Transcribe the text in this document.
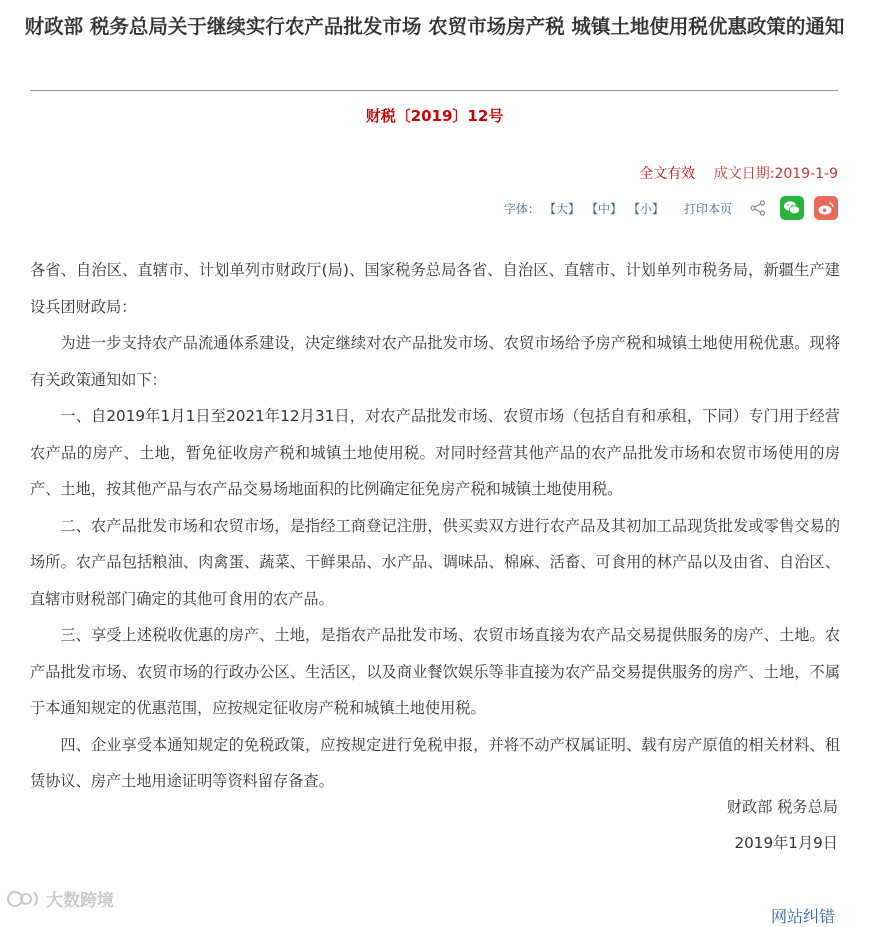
财政部 税务总局关于继续实行农产品批发市场 农贸市场房产税 城镇土地使用税优惠政策的通知
财税〔2019〕12号
全文有效 成文日期:2019-1-9
字体： 【大】 【中】 【小】 打印本页

各省、自治区、直辖市、计划单列市财政厅(局)、国家税务总局各省、自治区、直辖市、计划单列市税务局，新疆生产建设兵团财政局：

为进一步支持农产品流通体系建设，决定继续对农产品批发市场、农贸市场给予房产税和城镇土地使用税优惠。现将有关政策通知如下：

一、自2019年1月1日至2021年12月31日，对农产品批发市场、农贸市场（包括自有和承租，下同）专门用于经营农产品的房产、土地，暂免征收房产税和城镇土地使用税。对同时经营其他产品的农产品批发市场和农贸市场使用的房产、土地，按其他产品与农产品交易场地面积的比例确定征免房产税和城镇土地使用税。

二、农产品批发市场和农贸市场，是指经工商登记注册，供买卖双方进行农产品及其初加工品现货批发或零售交易的场所。农产品包括粮油、肉禽蛋、蔬菜、干鲜果品、水产品、调味品、棉麻、活畜、可食用的林产品以及由省、自治区、直辖市财税部门确定的其他可食用的农产品。

三、享受上述税收优惠的房产、土地，是指农产品批发市场、农贸市场直接为农产品交易提供服务的房产、土地。农产品批发市场、农贸市场的行政办公区、生活区，以及商业餐饮娱乐等非直接为农产品交易提供服务的房产、土地，不属于本通知规定的优惠范围，应按规定征收房产税和城镇土地使用税。

四、企业享受本通知规定的免税政策，应按规定进行免税申报，并将不动产权属证明、载有房产原值的相关材料、租赁协议、房产土地用途证明等资料留存备查。

财政部 税务总局
2019年1月9日
大数跨境
网站纠错
